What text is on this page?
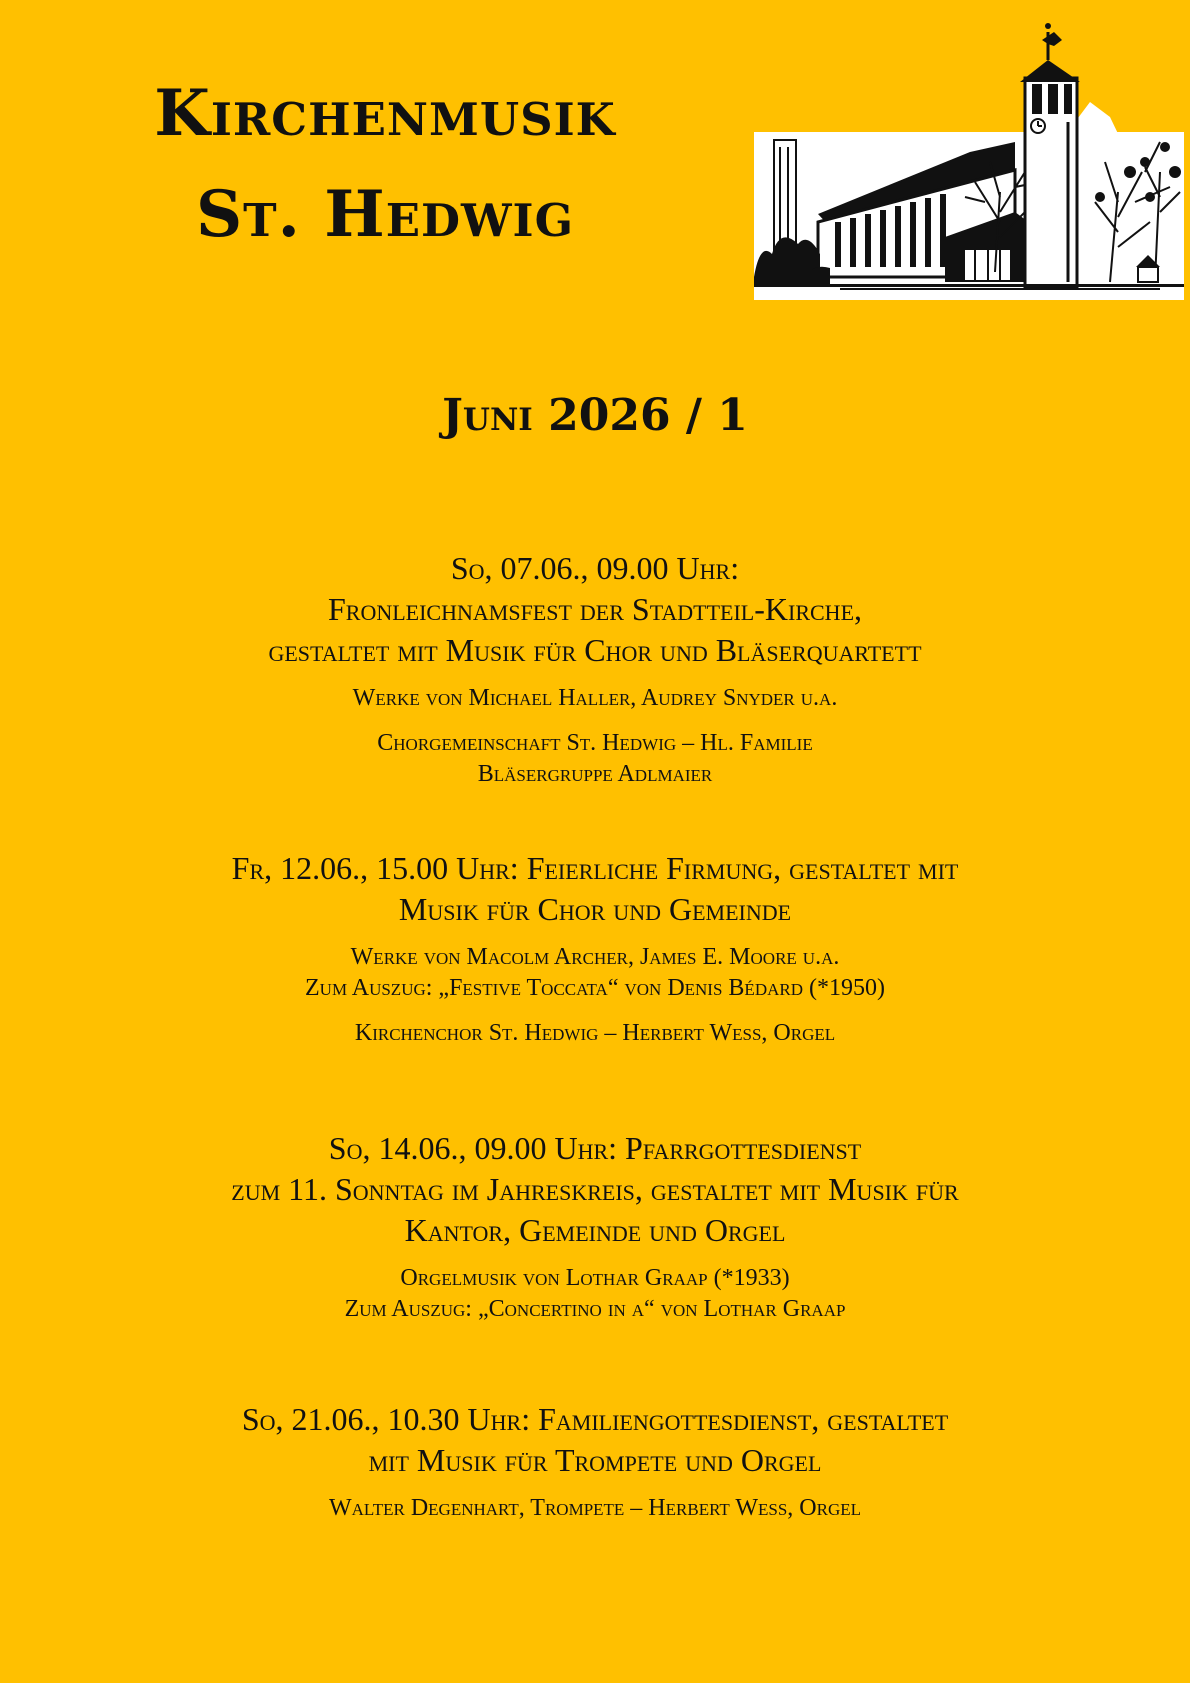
Kirchenmusik
St. Hedwig
Juni 2026 / 1

So, 07.06., 09.00 Uhr:
Fronleichnamsfest der Stadtteil-Kirche,
gestaltet mit Musik für Chor und Bläserquartett

Werke von Michael Haller, Audrey Snyder u.a.

Chorgemeinschaft St. Hedwig – Hl. Familie
Bläsergruppe Adlmaier

Fr, 12.06., 15.00 Uhr: Feierliche Firmung, gestaltet mit
Musik für Chor und Gemeinde

Werke von Macolm Archer, James E. Moore u.a.
Zum Auszug: „Festive Toccata“ von Denis Bédard (*1950)

Kirchenchor St. Hedwig – Herbert Wess, Orgel

So, 14.06., 09.00 Uhr: Pfarrgottesdienst
zum 11. Sonntag im Jahreskreis, gestaltet mit Musik für
Kantor, Gemeinde und Orgel

Orgelmusik von Lothar Graap (*1933)
Zum Auszug: „Concertino in a“ von Lothar Graap

So, 21.06., 10.30 Uhr: Familiengottesdienst, gestaltet
mit Musik für Trompete und Orgel

Walter Degenhart, Trompete – Herbert Wess, Orgel
